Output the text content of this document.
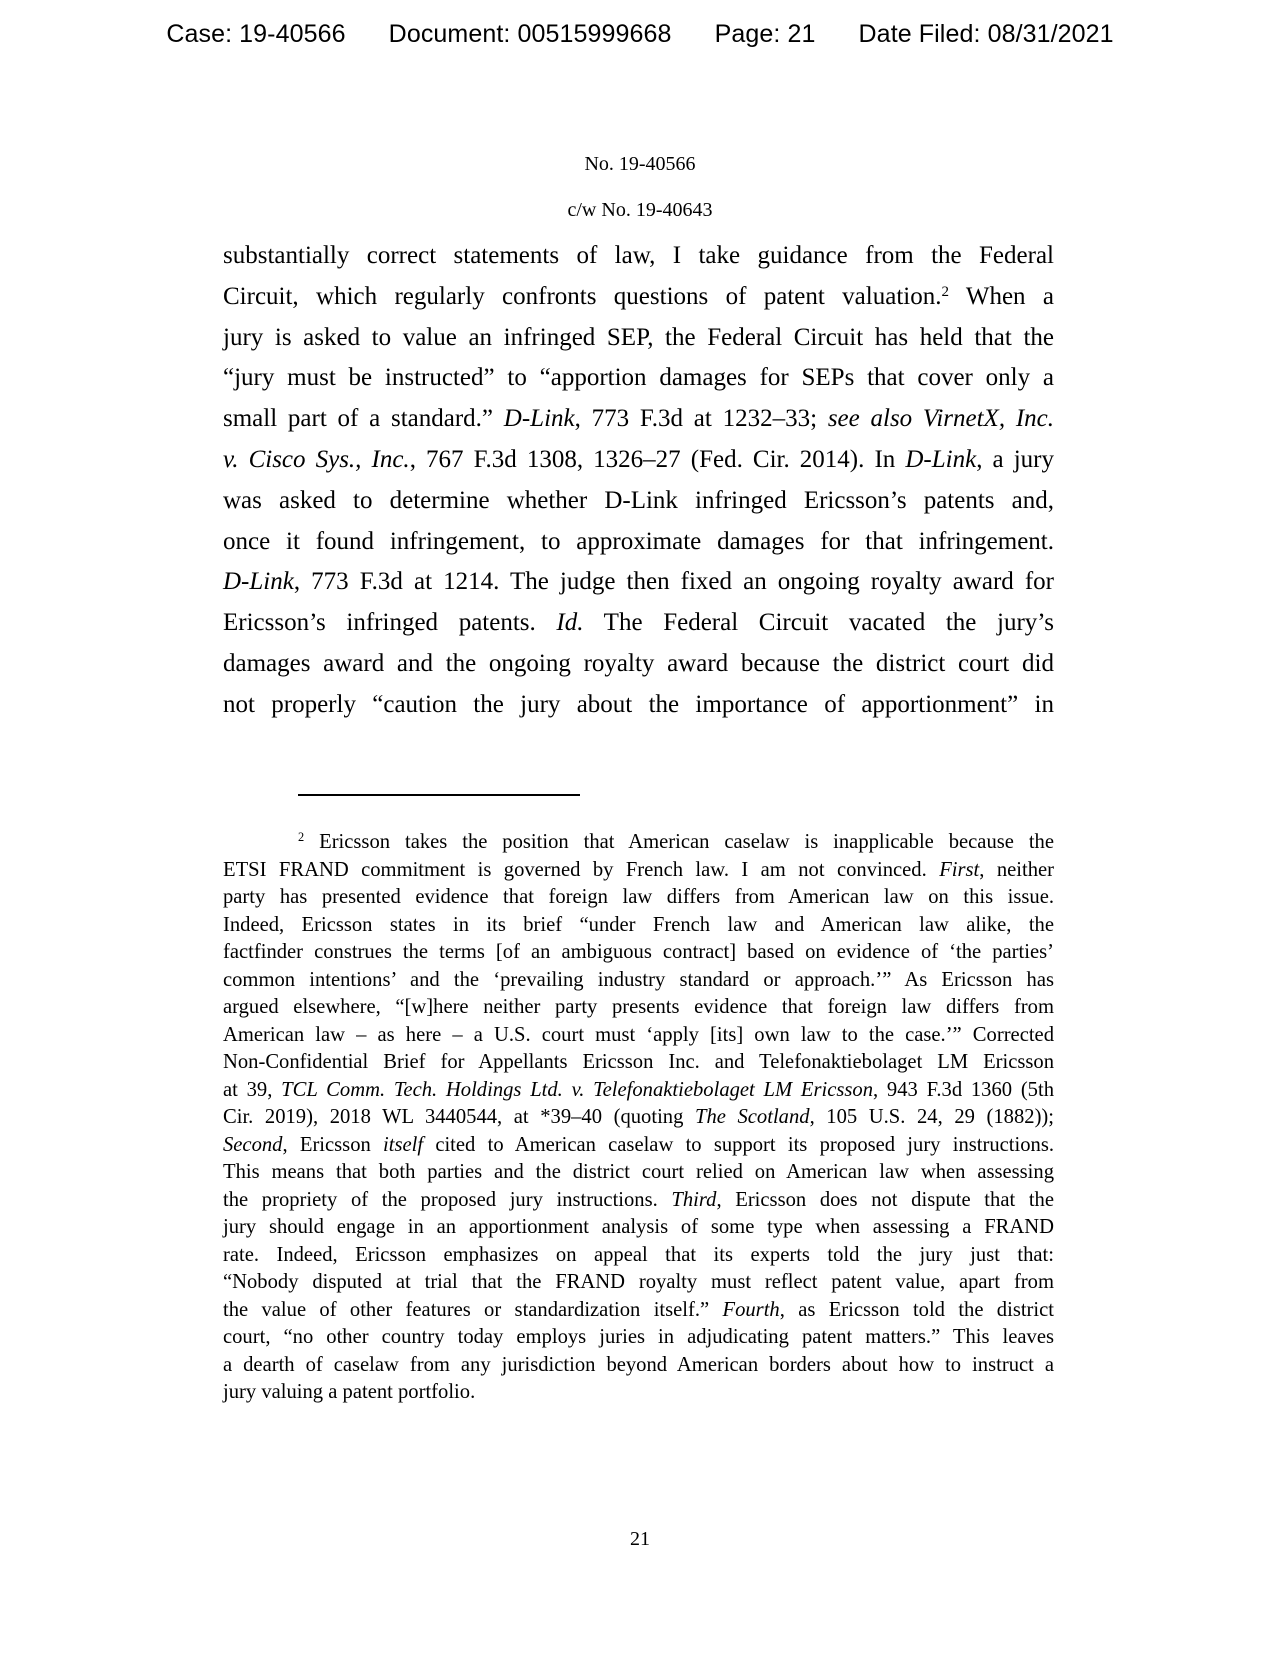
Case: 19-40566 Document: 00515999668 Page: 21 Date Filed: 08/31/2021
No. 19-40566
c/w No. 19-40643
substantially correct statements of law, I take guidance from the Federal
Circuit, which regularly confronts questions of patent valuation.$^2$ When a
jury is asked to value an infringed SEP, the Federal Circuit has held that the
“jury must be instructed” to “apportion damages for SEPs that cover only a
small part of a standard.” D-Link, 773 F.3d at 1232–33; see also VirnetX, Inc.
v. Cisco Sys., Inc., 767 F.3d 1308, 1326–27 (Fed. Cir. 2014). In D-Link, a jury
was asked to determine whether D-Link infringed Ericsson’s patents and,
once it found infringement, to approximate damages for that infringement.
D-Link, 773 F.3d at 1214. The judge then fixed an ongoing royalty award for
Ericsson’s infringed patents. Id. The Federal Circuit vacated the jury’s
damages award and the ongoing royalty award because the district court did
not properly “caution the jury about the importance of apportionment” in
$^2$ Ericsson takes the position that American caselaw is inapplicable because the
ETSI FRAND commitment is governed by French law. I am not convinced. First, neither
party has presented evidence that foreign law differs from American law on this issue.
Indeed, Ericsson states in its brief “under French law and American law alike, the
factfinder construes the terms [of an ambiguous contract] based on evidence of ‘the parties’
common intentions’ and the ‘prevailing industry standard or approach.’” As Ericsson has
argued elsewhere, “[w]here neither party presents evidence that foreign law differs from
American law – as here – a U.S. court must ‘apply [its] own law to the case.’” Corrected
Non-Confidential Brief for Appellants Ericsson Inc. and Telefonaktiebolaget LM Ericsson
at 39, TCL Comm. Tech. Holdings Ltd. v. Telefonaktiebolaget LM Ericsson, 943 F.3d 1360 (5th
Cir. 2019), 2018 WL 3440544, at *39–40 (quoting The Scotland, 105 U.S. 24, 29 (1882));
Second, Ericsson itself cited to American caselaw to support its proposed jury instructions.
This means that both parties and the district court relied on American law when assessing
the propriety of the proposed jury instructions. Third, Ericsson does not dispute that the
jury should engage in an apportionment analysis of some type when assessing a FRAND
rate. Indeed, Ericsson emphasizes on appeal that its experts told the jury just that:
“Nobody disputed at trial that the FRAND royalty must reflect patent value, apart from
the value of other features or standardization itself.” Fourth, as Ericsson told the district
court, “no other country today employs juries in adjudicating patent matters.” This leaves
a dearth of caselaw from any jurisdiction beyond American borders about how to instruct a
jury valuing a patent portfolio.
21
